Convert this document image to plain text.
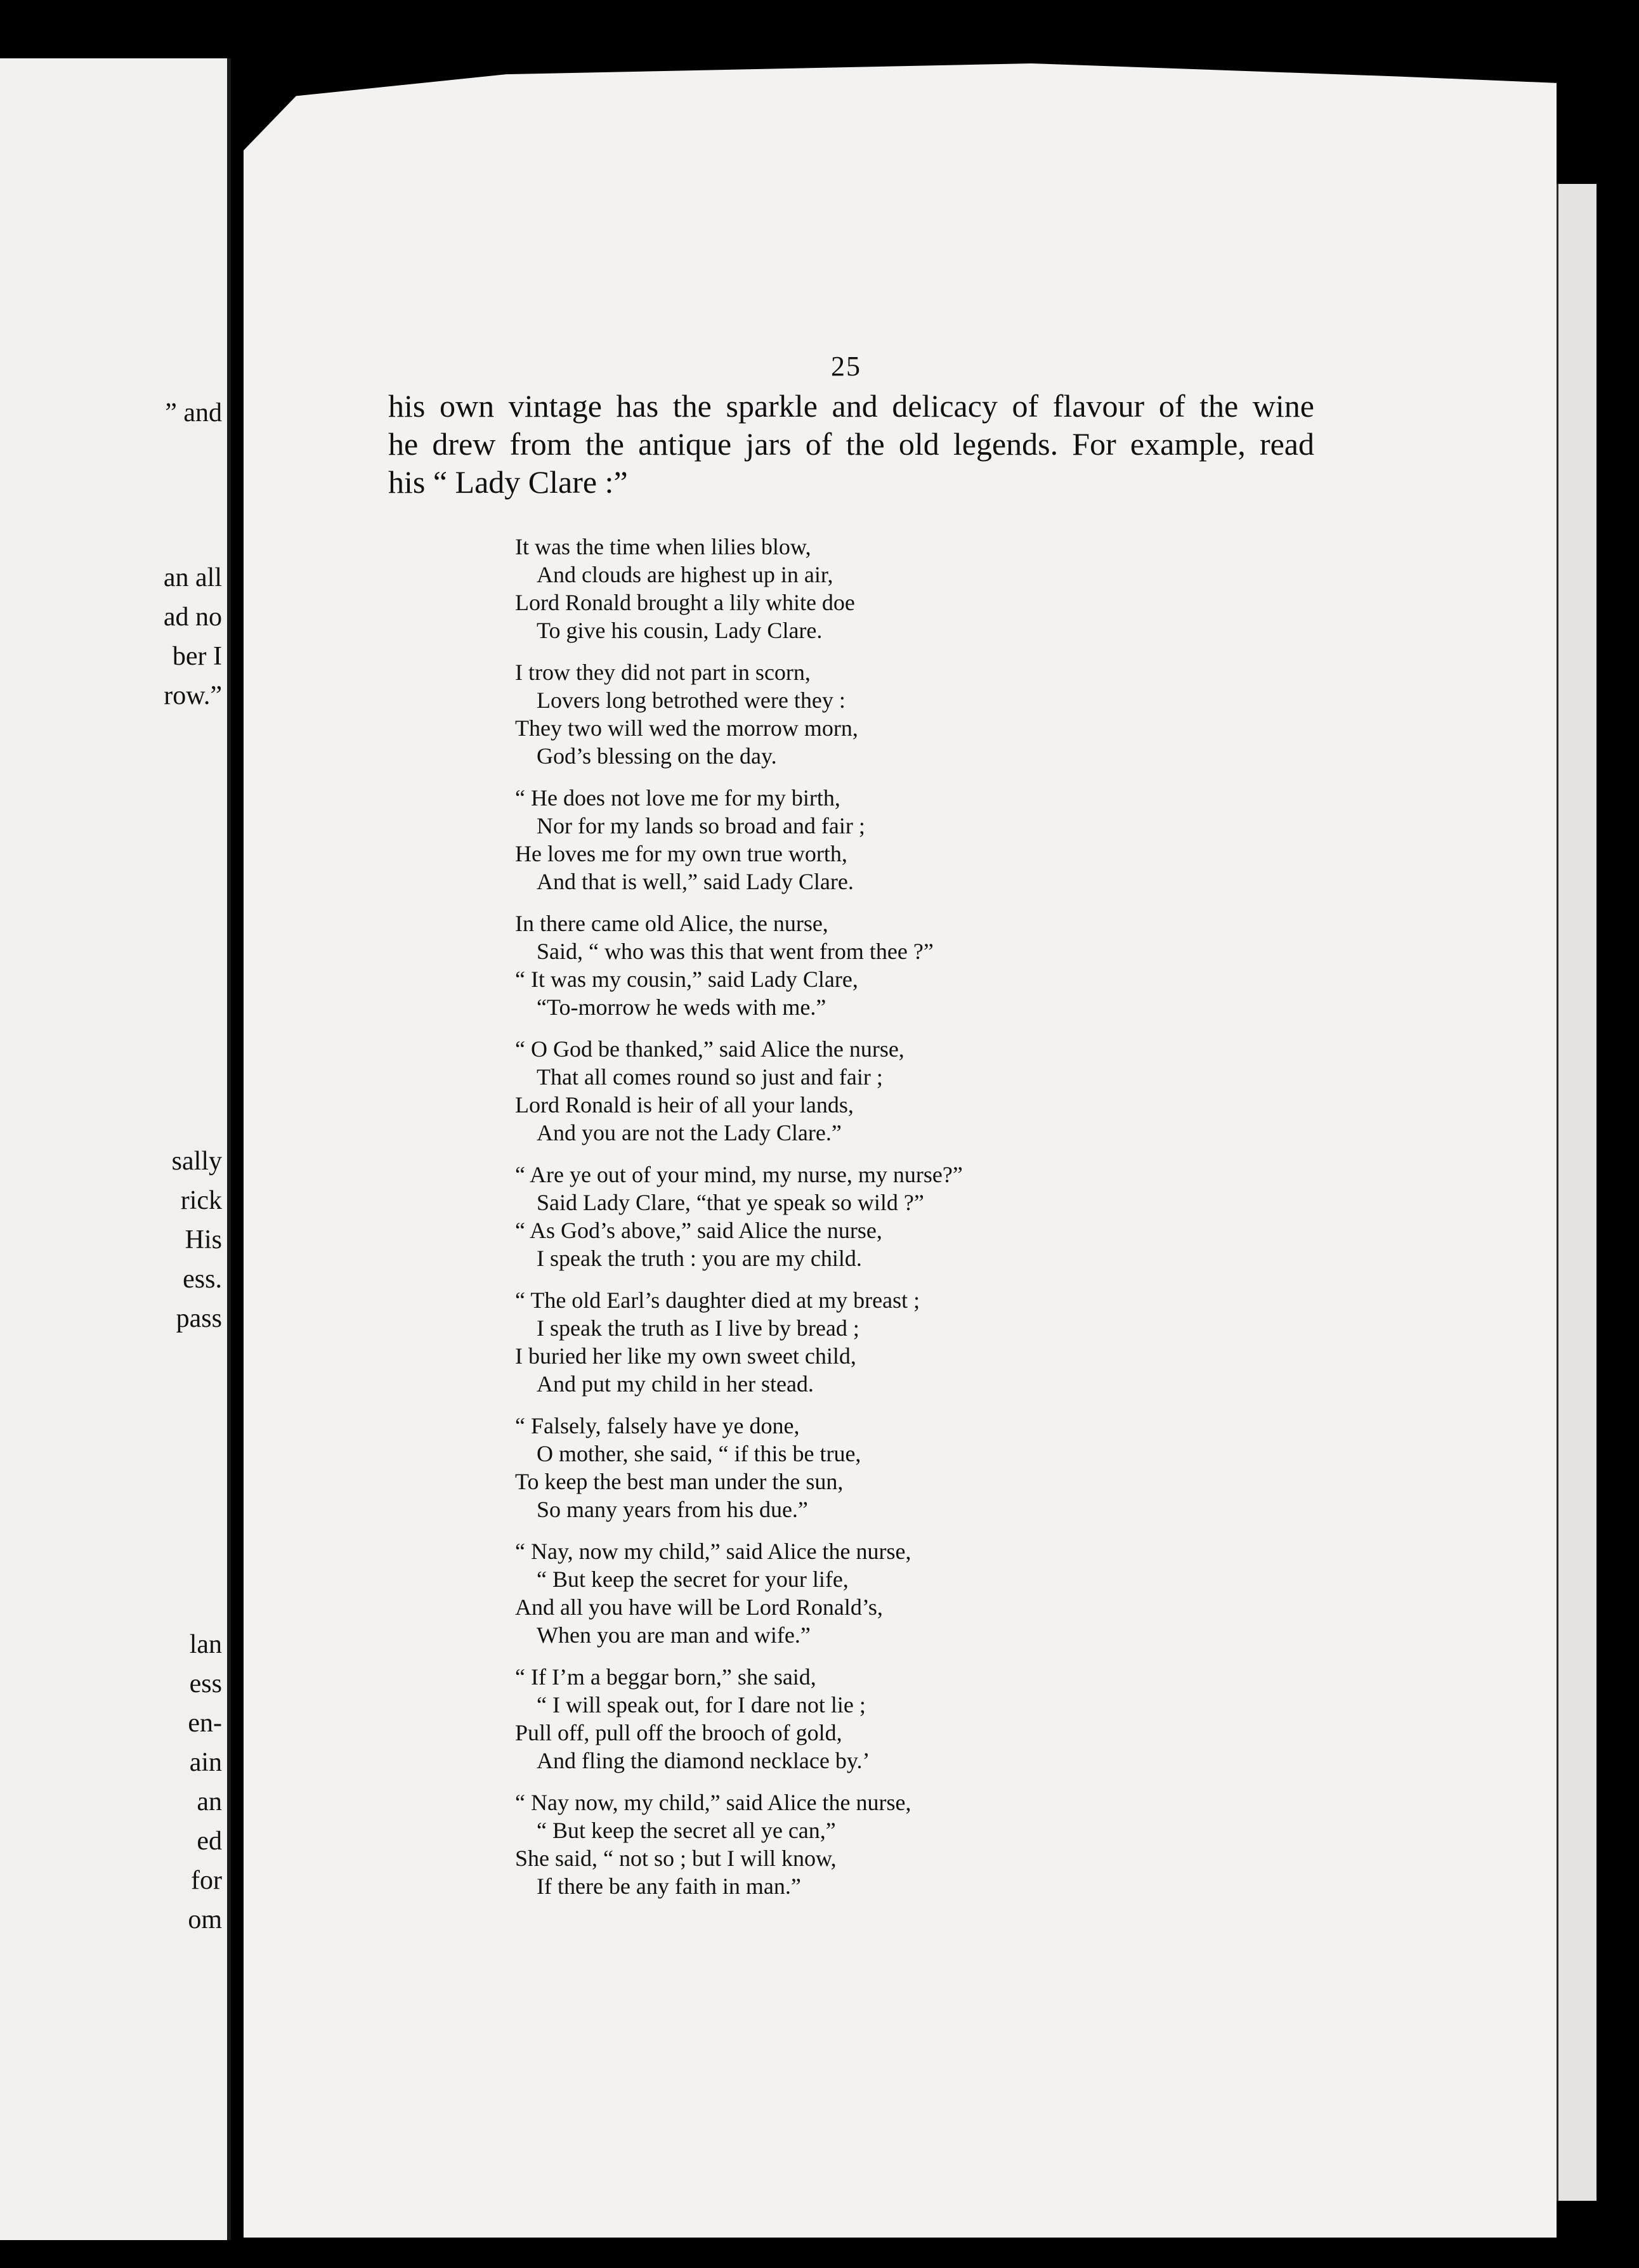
” and
an all
ad no
ber I
row.”
sally
rick
His
ess.
pass
lan
ess
en-
ain
an
ed
for
om
25
his own vintage has the sparkle and delicacy of flavour of the wine
he drew from the antique jars of the old legends. For example, read
his “ Lady Clare :”
It was the time when lilies blow,
And clouds are highest up in air,
Lord Ronald brought a lily white doe
To give his cousin, Lady Clare.
I trow they did not part in scorn,
Lovers long betrothed were they :
They two will wed the morrow morn,
God’s blessing on the day.
“ He does not love me for my birth,
Nor for my lands so broad and fair ;
He loves me for my own true worth,
And that is well,” said Lady Clare.
In there came old Alice, the nurse,
Said, “ who was this that went from thee ?”
“ It was my cousin,” said Lady Clare,
“To-morrow he weds with me.”
“ O God be thanked,” said Alice the nurse,
That all comes round so just and fair ;
Lord Ronald is heir of all your lands,
And you are not the Lady Clare.”
“ Are ye out of your mind, my nurse, my nurse?”
Said Lady Clare, “that ye speak so wild ?”
“ As God’s above,” said Alice the nurse,
I speak the truth : you are my child.
“ The old Earl’s daughter died at my breast ;
I speak the truth as I live by bread ;
I buried her like my own sweet child,
And put my child in her stead.
“ Falsely, falsely have ye done,
O mother, she said, “ if this be true,
To keep the best man under the sun,
So many years from his due.”
“ Nay, now my child,” said Alice the nurse,
“ But keep the secret for your life,
And all you have will be Lord Ronald’s,
When you are man and wife.”
“ If I’m a beggar born,” she said,
“ I will speak out, for I dare not lie ;
Pull off, pull off the brooch of gold,
And fling the diamond necklace by.’
“ Nay now, my child,” said Alice the nurse,
“ But keep the secret all ye can,”
She said, “ not so ; but I will know,
If there be any faith in man.”
